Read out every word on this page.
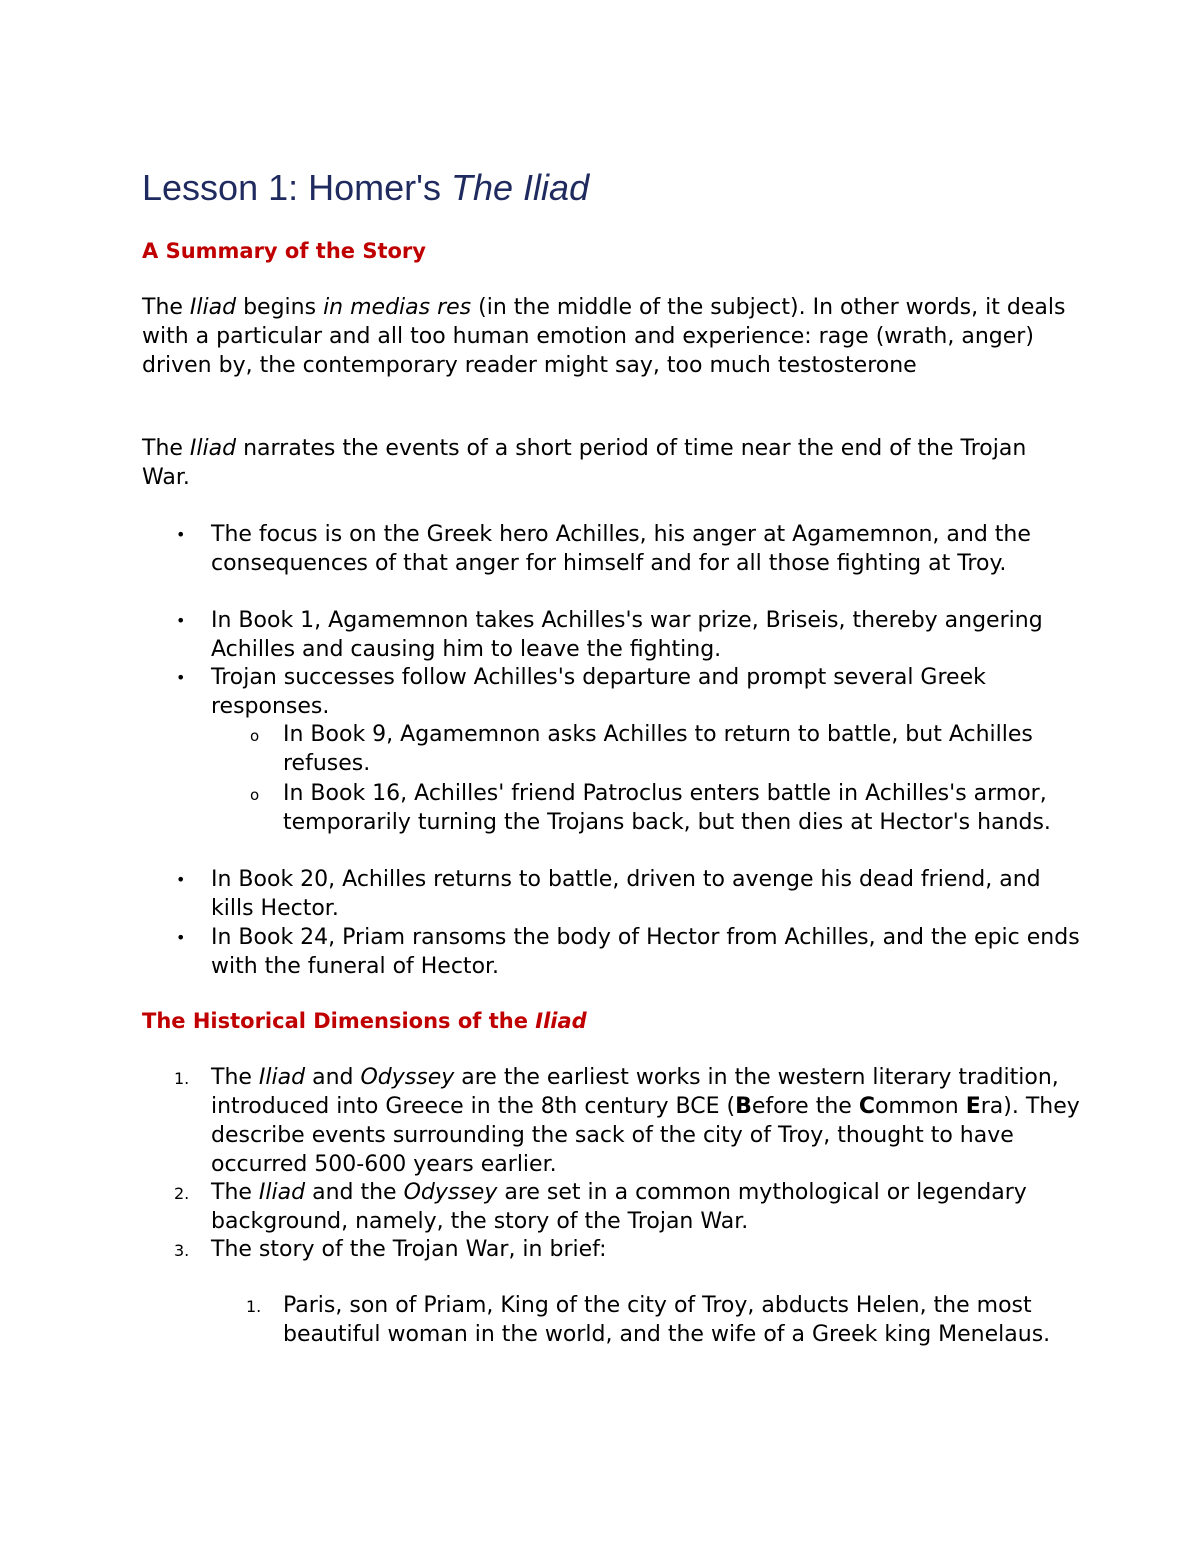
Lesson 1: Homer's The Iliad
A Summary of the Story

The Iliad begins in medias res (in the middle of the subject). In other words, it deals with a particular and all too human emotion and experience: rage (wrath, anger) driven by, the contemporary reader might say, too much testosterone

The Iliad narrates the events of a short period of time near the end of the Trojan War.

• The focus is on the Greek hero Achilles, his anger at Agamemnon, and the consequences of that anger for himself and for all those fighting at Troy.
• In Book 1, Agamemnon takes Achilles's war prize, Briseis, thereby angering Achilles and causing him to leave the fighting.
• Trojan successes follow Achilles's departure and prompt several Greek responses.
o In Book 9, Agamemnon asks Achilles to return to battle, but Achilles refuses.
o In Book 16, Achilles' friend Patroclus enters battle in Achilles's armor, temporarily turning the Trojans back, but then dies at Hector's hands.
• In Book 20, Achilles returns to battle, driven to avenge his dead friend, and kills Hector.
• In Book 24, Priam ransoms the body of Hector from Achilles, and the epic ends with the funeral of Hector.
The Historical Dimensions of the Iliad
1. The Iliad and Odyssey are the earliest works in the western literary tradition, introduced into Greece in the 8th century BCE (Before the Common Era). They describe events surrounding the sack of the city of Troy, thought to have occurred 500-600 years earlier.
2. The Iliad and the Odyssey are set in a common mythological or legendary background, namely, the story of the Trojan War.
3. The story of the Trojan War, in brief:
1. Paris, son of Priam, King of the city of Troy, abducts Helen, the most beautiful woman in the world, and the wife of a Greek king Menelaus.
